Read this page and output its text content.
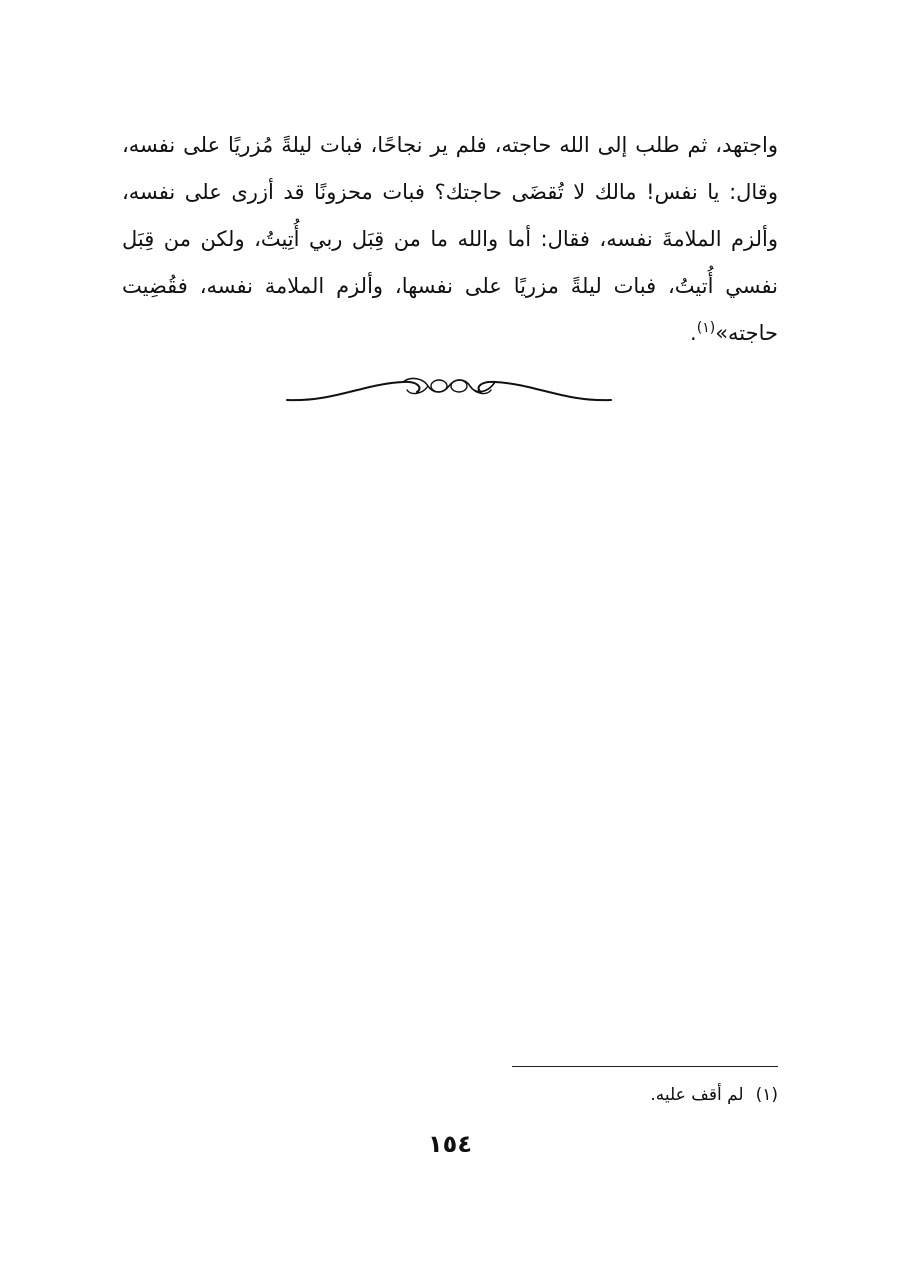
واجتهد، ثم طلب إلى الله حاجته، فلم ير نجاحًا، فبات ليلةً مُزريًا على نفسه،
وقال: يا نفس! مالك لا تُقضَى حاجتك؟ فبات محزونًا قد أزرى على نفسه،
وألزم الملامةَ نفسه، فقال: أما والله ما من قِبَل ربي أُتِيتُ، ولكن من قِبَل
نفسي أُتيتُ، فبات ليلةً مزريًا على نفسها، وألزم الملامة نفسه، فقُضِيت
حاجته»$^{(١)}$.
(١)لم أقف عليه.
١٥٤
